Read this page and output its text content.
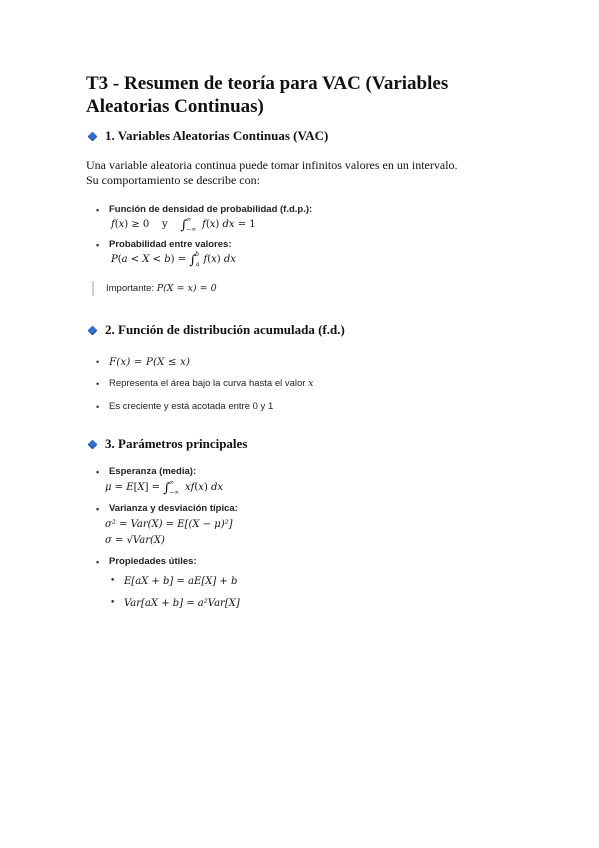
T3 - Resumen de teoría para VAC (Variables Aleatorias Continuas)
1. Variables Aleatorias Continuas (VAC)
Una variable aleatoria continua puede tomar infinitos valores en un intervalo.
Su comportamiento se describe con:
• Función de densidad de probabilidad (f.d.p.):
f(x) ≥ 0    y    $\int^\infty_{-\infty}$ f(x) dx = 1
• Probabilidad entre valores:
P(a < X < b) = ∫$^b_a$ f(x) dx
Importante: P(X = x) = 0
2. Función de distribución acumulada (f.d.)
• F(x) = P(X ≤ x)
• Representa el área bajo la curva hasta el valor x
• Es creciente y está acotada entre 0 y 1
3. Parámetros principales
• Esperanza (media):
$\mu = E[X] = \int^\infty_{-\infty}$ xf(x) dx
• Varianza y desviación típica:
σ² = Var(X) = E[(X − μ)²]
σ = √Var(X)
• Propiedades útiles:
• E[aX + b] = aE[X] + b
• Var[aX + b] = a²Var[X]
